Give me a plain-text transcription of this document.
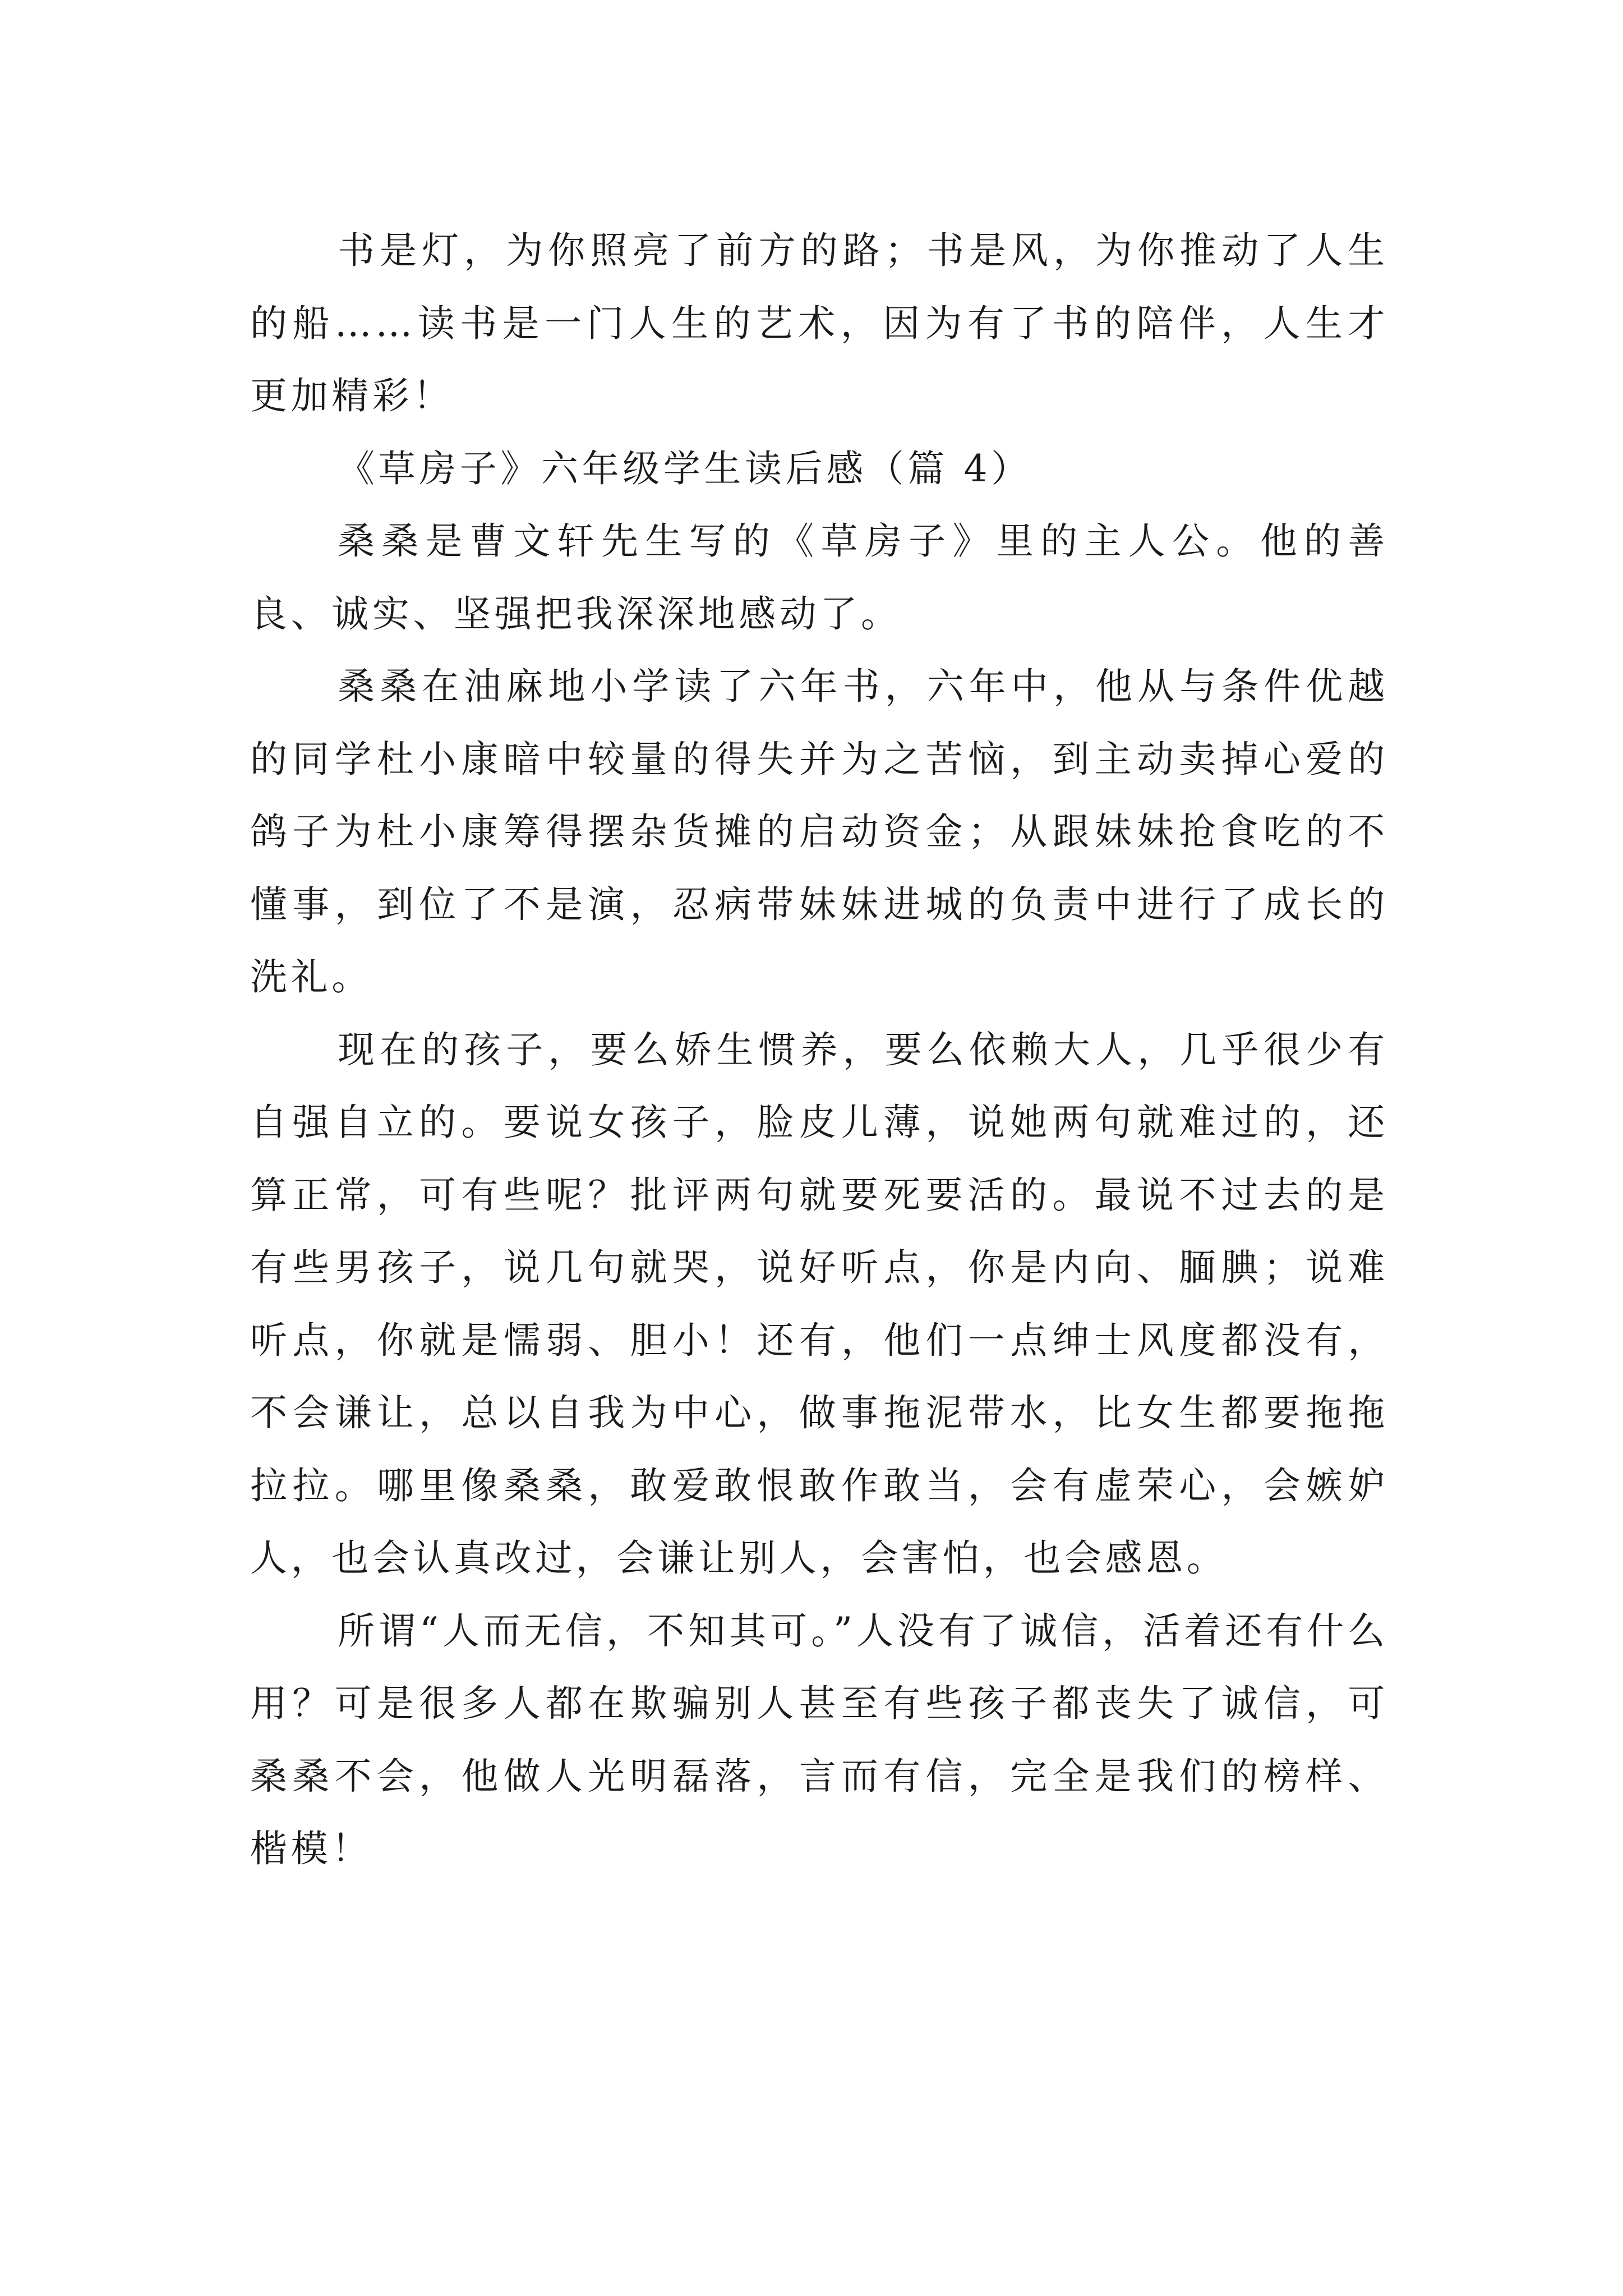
书是灯，为你照亮了前方的路；书是风，为你推动了人生的船……读书是一门人生的艺术，因为有了书的陪伴，人生才更加精彩！

《草房子》六年级学生读后感（篇 4）

桑桑是曹文轩先生写的《草房子》里的主人公。他的善良、诚实、坚强把我深深地感动了。

桑桑在油麻地小学读了六年书，六年中，他从与条件优越的同学杜小康暗中较量的得失并为之苦恼，到主动卖掉心爱的鸽子为杜小康筹得摆杂货摊的启动资金；从跟妹妹抢食吃的不懂事，到位了不是演，忍病带妹妹进城的负责中进行了成长的洗礼。

现在的孩子，要么娇生惯养，要么依赖大人，几乎很少有自强自立的。要说女孩子，脸皮儿薄，说她两句就难过的，还算正常，可有些呢？批评两句就要死要活的。最说不过去的是有些男孩子，说几句就哭，说好听点，你是内向、腼腆；说难听点，你就是懦弱、胆小！还有，他们一点绅士风度都没有，不会谦让，总以自我为中心，做事拖泥带水，比女生都要拖拖拉拉。哪里像桑桑，敢爱敢恨敢作敢当，会有虚荣心，会嫉妒人，也会认真改过，会谦让别人，会害怕，也会感恩。

所谓“人而无信，不知其可。”人没有了诚信，活着还有什么用？可是很多人都在欺骗别人甚至有些孩子都丧失了诚信，可桑桑不会，他做人光明磊落，言而有信，完全是我们的榜样、楷模！
